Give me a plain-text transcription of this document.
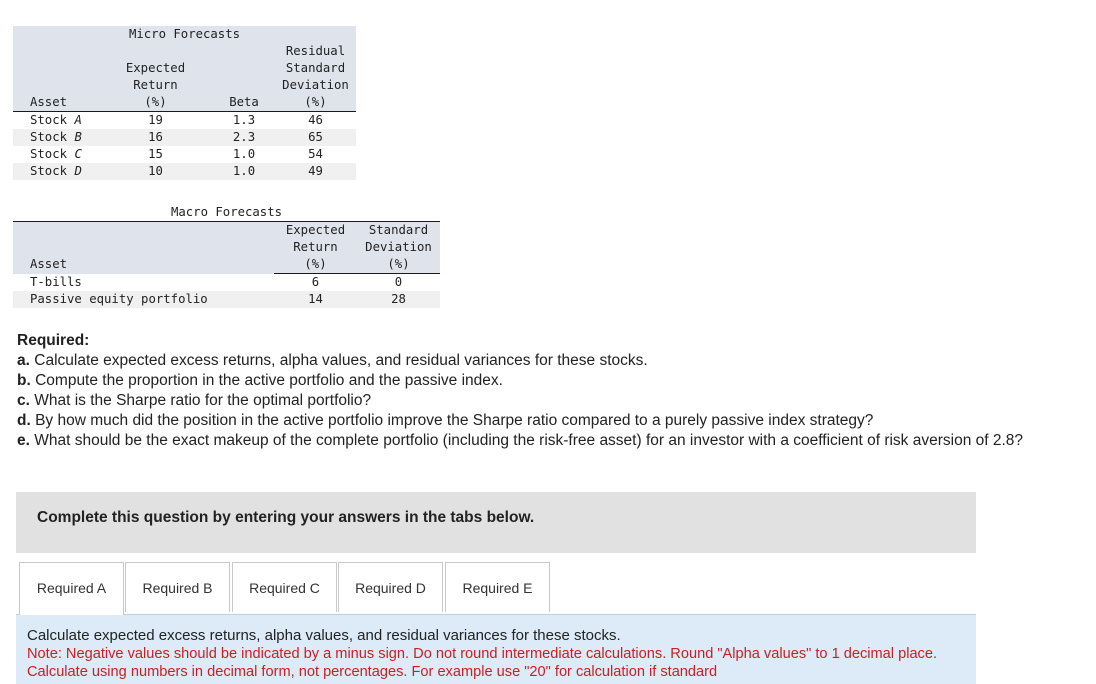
Micro Forecasts			
			Residual
	Expected		Standard
	Return		Deviation
Asset	(%)	Beta	(%)
Stock A	19	1.3	46
Stock B	16	2.3	65
Stock C	15	1.0	54
Stock D	10	1.0	49
Macro Forecasts		
	Expected	Standard
	Return	Deviation
Asset	(%)	(%)
T-bills	6	0
Passive equity portfolio	14	28
Required:
a. Calculate expected excess returns, alpha values, and residual variances for these stocks.
b. Compute the proportion in the active portfolio and the passive index.
c. What is the Sharpe ratio for the optimal portfolio?
d. By how much did the position in the active portfolio improve the Sharpe ratio compared to a purely passive index strategy?
e. What should be the exact makeup of the complete portfolio (including the risk-free asset) for an investor with a coefficient of risk aversion of 2.8?
Complete this question by entering your answers in the tabs below.
Required A	Required B	Required C	Required D	Required E
Calculate expected excess returns, alpha values, and residual variances for these stocks.
Note: Negative values should be indicated by a minus sign. Do not round intermediate calculations. Round "Alpha values" to 1 decimal place. Calculate using numbers in decimal form, not percentages. For example use "20" for calculation if standard
